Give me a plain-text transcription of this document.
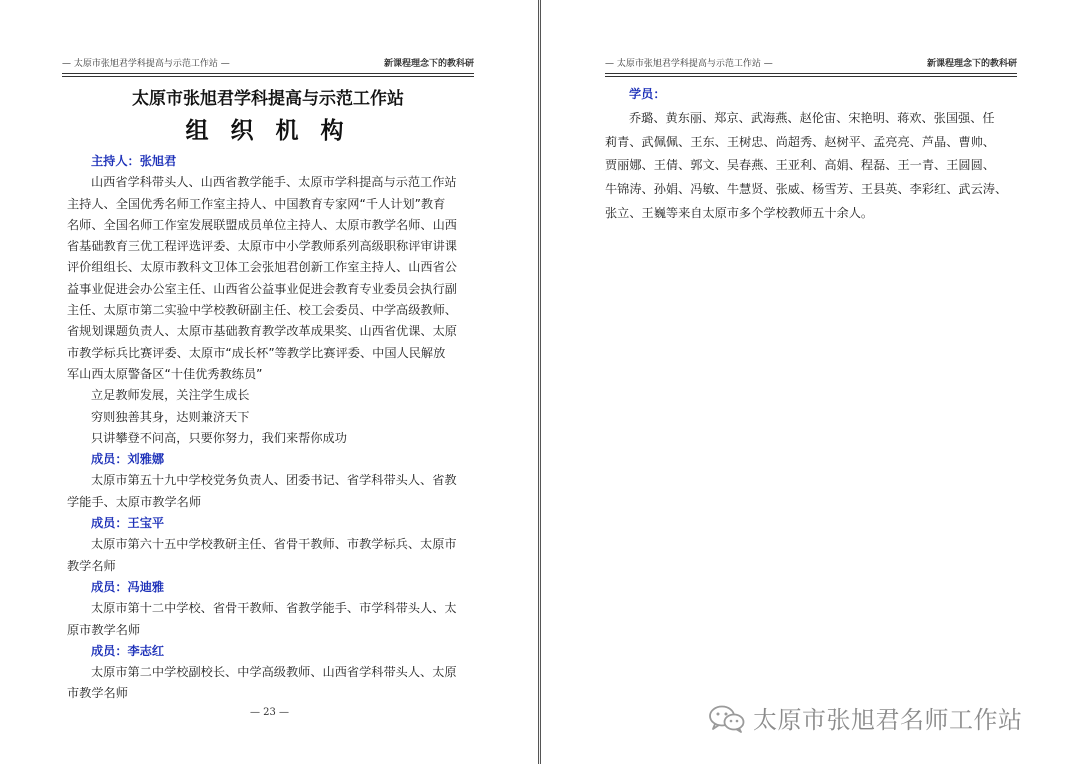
— 太原市张旭君学科提高与示范工作站 —	新课程理念下的教科研
太原市张旭君学科提高与示范工作站
组 织 机 构
主持人：张旭君
山西省学科带头人、山西省教学能手、太原市学科提高与示范工作站
主持人、全国优秀名师工作室主持人、中国教育专家网“千人计划”教育
名师、全国名师工作室发展联盟成员单位主持人、太原市教学名师、山西
省基础教育三优工程评选评委、太原市中小学教师系列高级职称评审讲课
评价组组长、太原市教科文卫体工会张旭君创新工作室主持人、山西省公
益事业促进会办公室主任、山西省公益事业促进会教育专业委员会执行副
主任、太原市第二实验中学校教研副主任、校工会委员、中学高级教师、
省规划课题负责人、太原市基础教育教学改革成果奖、山西省优课、太原
市教学标兵比赛评委、太原市“成长杯”等教学比赛评委、中国人民解放
军山西太原警备区“十佳优秀教练员”
立足教师发展，关注学生成长
穷则独善其身，达则兼济天下
只讲攀登不问高，只要你努力，我们来帮你成功
成员：刘雅娜
太原市第五十九中学校党务负责人、团委书记、省学科带头人、省教
学能手、太原市教学名师
成员：王宝平
太原市第六十五中学校教研主任、省骨干教师、市教学标兵、太原市
教学名师
成员：冯迪雅
太原市第十二中学校、省骨干教师、省教学能手、市学科带头人、太
原市教学名师
成员：李志红
太原市第二中学校副校长、中学高级教师、山西省学科带头人、太原
市教学名师
— 23 —
— 太原市张旭君学科提高与示范工作站 —	新课程理念下的教科研
学员：
乔璐、黄东丽、郑京、武海燕、赵伦宙、宋艳明、蒋欢、张国强、任
莉青、武佩佩、王东、王树忠、尚超秀、赵树平、孟亮亮、芦晶、曹帅、
贾丽娜、王倩、郭文、吴春燕、王亚利、高娟、程磊、王一青、王圆圆、
牛锦涛、孙娟、冯敏、牛慧贤、张威、杨雪芳、王县英、李彩红、武云涛、
张立、王巍等来自太原市多个学校教师五十余人。
太原市张旭君名师工作站
